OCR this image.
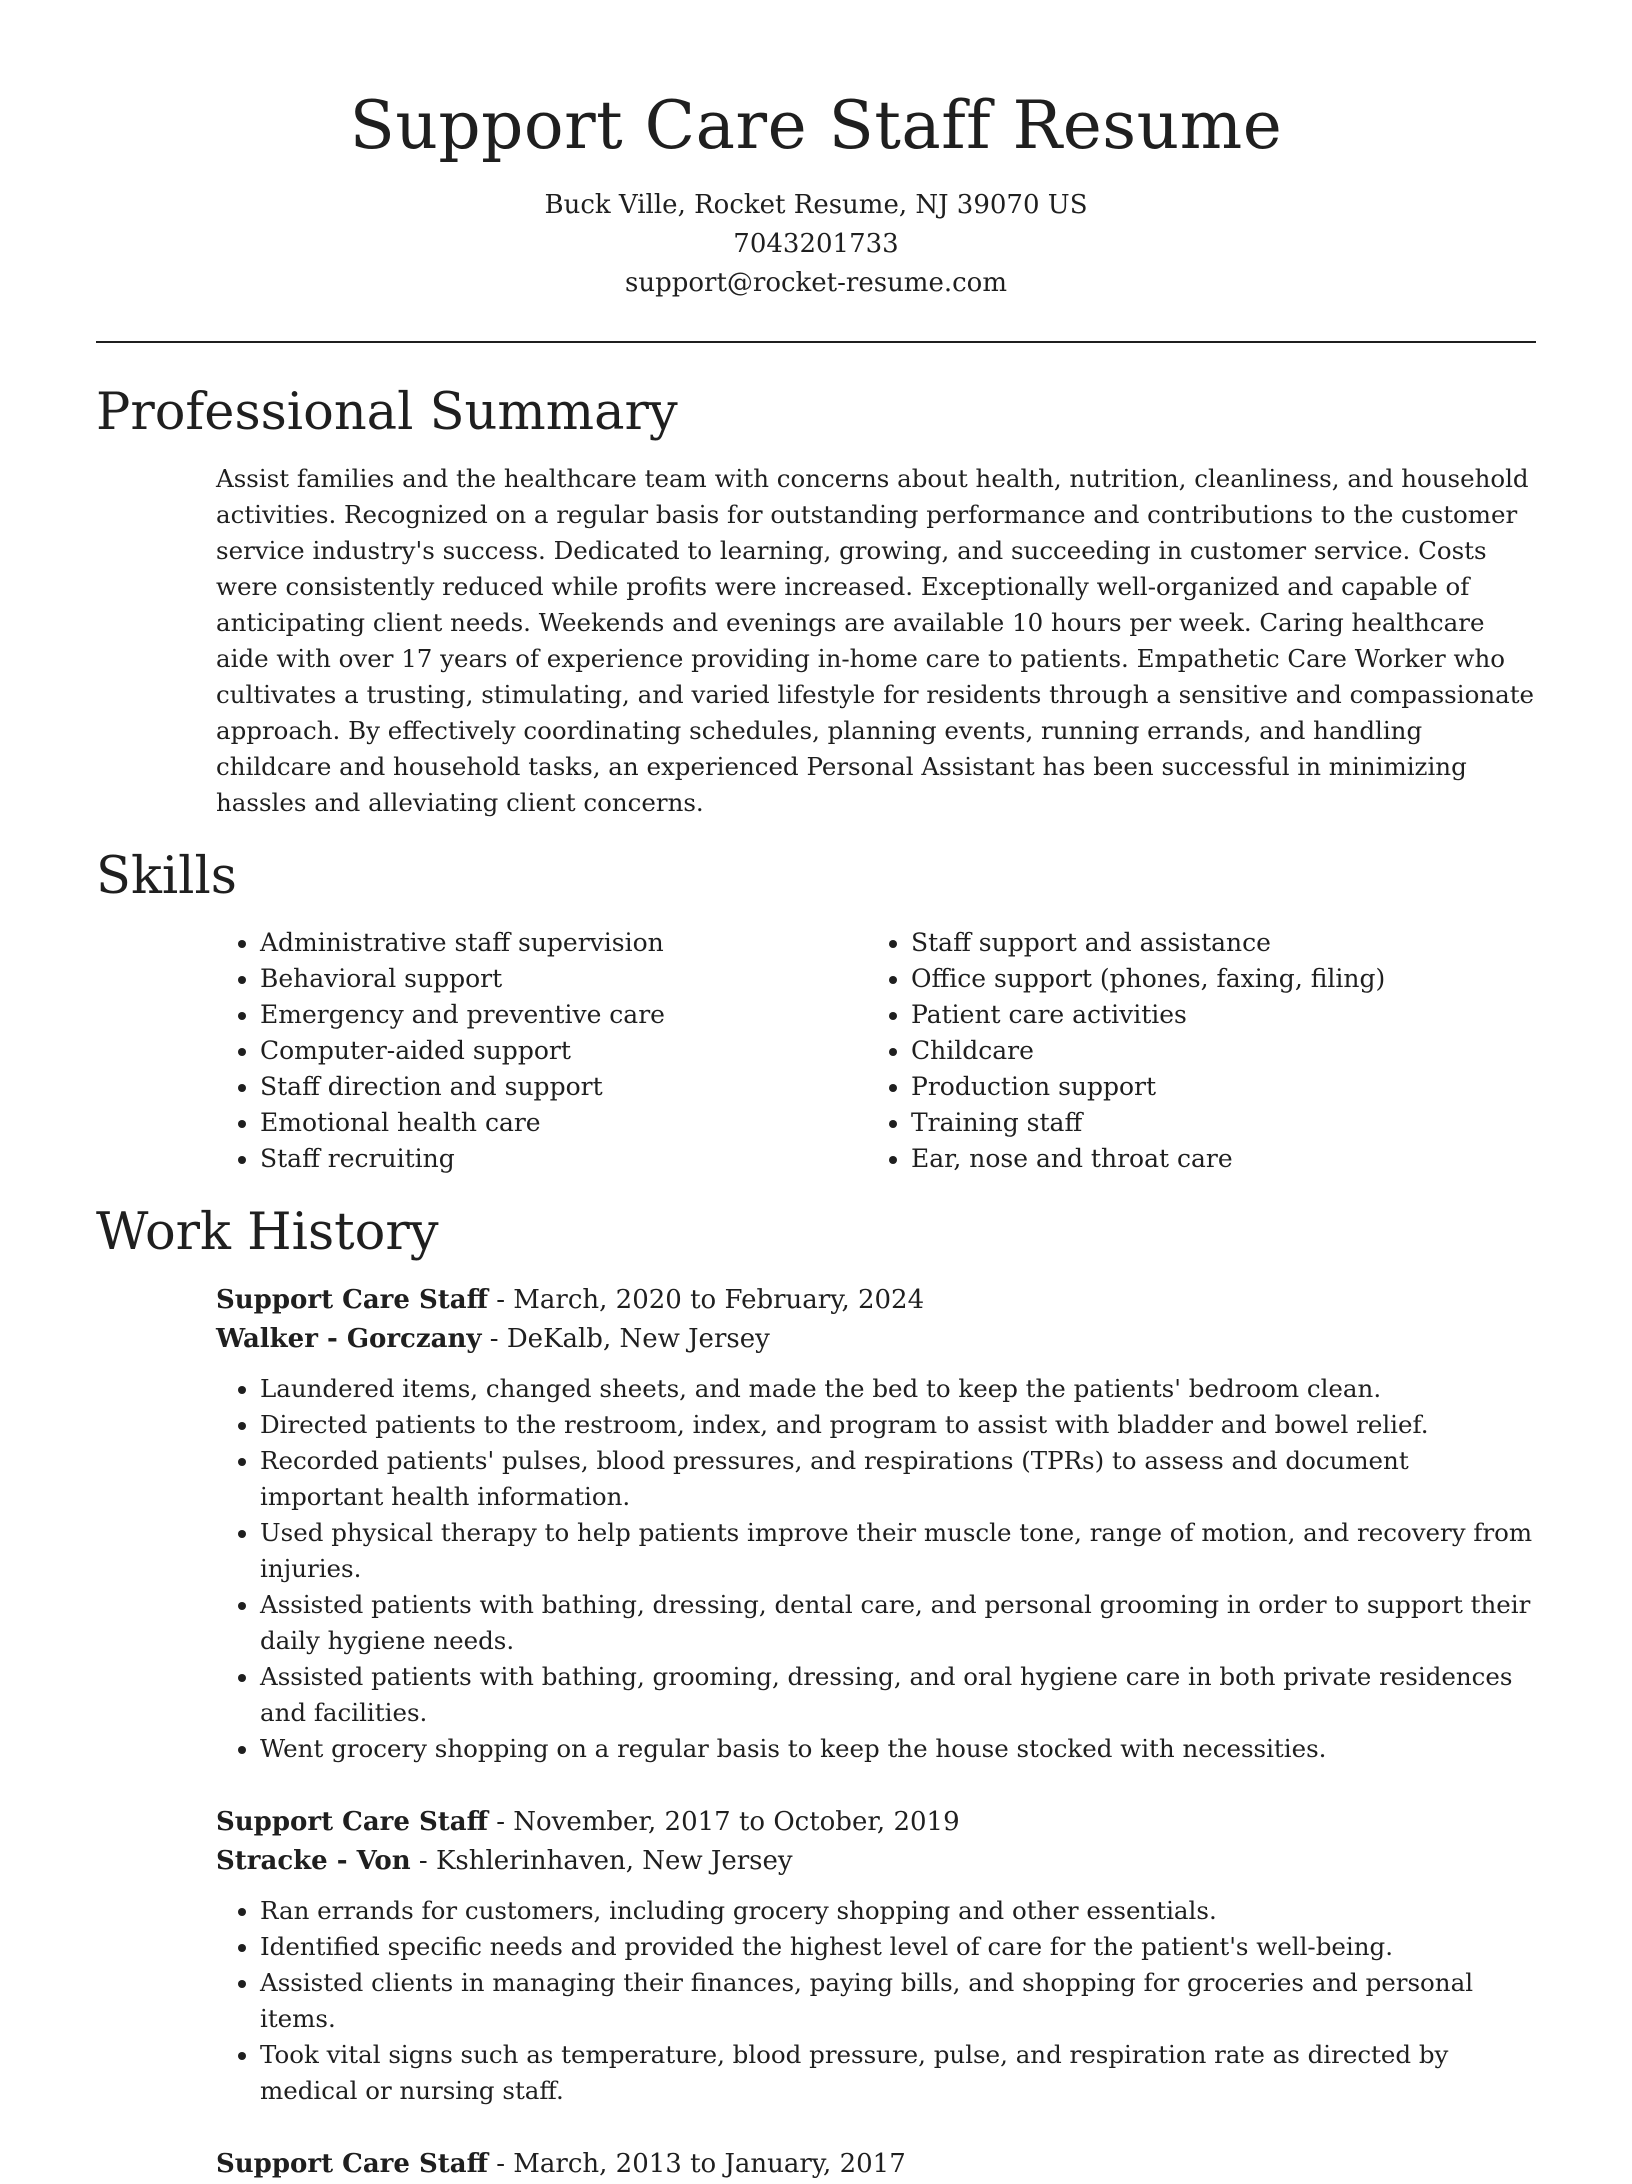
Support Care Staff Resume
Buck Ville, Rocket Resume, NJ 39070 US
7043201733
support@rocket-resume.com
Professional Summary

Assist families and the healthcare team with concerns about health, nutrition, cleanliness, and household activities. Recognized on a regular basis for outstanding performance and contributions to the customer service industry's success. Dedicated to learning, growing, and succeeding in customer service. Costs were consistently reduced while profits were increased. Exceptionally well-organized and capable of anticipating client needs. Weekends and evenings are available 10 hours per week. Caring healthcare aide with over 17 years of experience providing in-home care to patients. Empathetic Care Worker who cultivates a trusting, stimulating, and varied lifestyle for residents through a sensitive and compassionate approach. By effectively coordinating schedules, planning events, running errands, and handling childcare and household tasks, an experienced Personal Assistant has been successful in minimizing hassles and alleviating client concerns.

Skills
• Administrative staff supervision
• Behavioral support
• Emergency and preventive care
• Computer-aided support
• Staff direction and support
• Emotional health care
• Staff recruiting
• Staff support and assistance
• Office support (phones, faxing, filing)
• Patient care activities
• Childcare
• Production support
• Training staff
• Ear, nose and throat care
Work History
Support Care Staff - March, 2020 to February, 2024
Walker - Gorczany - DeKalb, New Jersey
• Laundered items, changed sheets, and made the bed to keep the patients' bedroom clean.
• Directed patients to the restroom, index, and program to assist with bladder and bowel relief.
• Recorded patients' pulses, blood pressures, and respirations (TPRs) to assess and document important health information.
• Used physical therapy to help patients improve their muscle tone, range of motion, and recovery from injuries.
• Assisted patients with bathing, dressing, dental care, and personal grooming in order to support their daily hygiene needs.
• Assisted patients with bathing, grooming, dressing, and oral hygiene care in both private residences and facilities.
• Went grocery shopping on a regular basis to keep the house stocked with necessities.
Support Care Staff - November, 2017 to October, 2019
Stracke - Von - Kshlerinhaven, New Jersey
• Ran errands for customers, including grocery shopping and other essentials.
• Identified specific needs and provided the highest level of care for the patient's well-being.
• Assisted clients in managing their finances, paying bills, and shopping for groceries and personal items.
• Took vital signs such as temperature, blood pressure, pulse, and respiration rate as directed by medical or nursing staff.
Support Care Staff - March, 2013 to January, 2017
